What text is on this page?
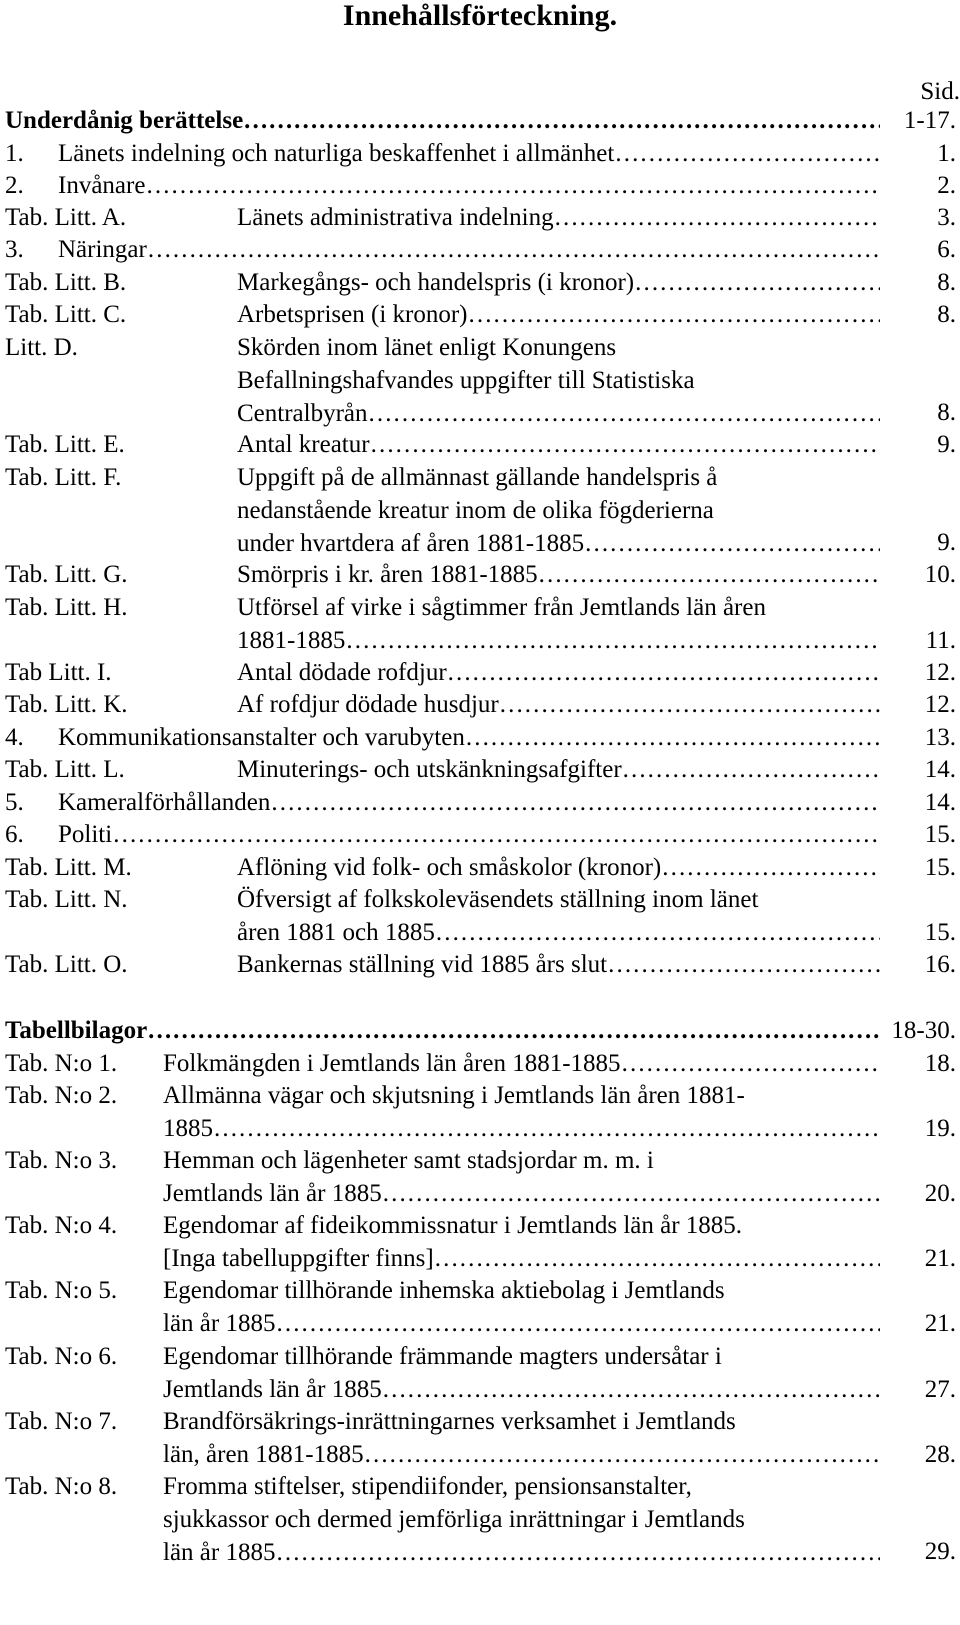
Innehållsförteckning.
Sid.
Underdånig berättelse …………………………………………………………………………………………………………………………………	1-17.
1. Länets indelning och naturliga beskaffenhet i allmänhet …………………………………………………………………………………………………………………………………	1.
2. Invånare …………………………………………………………………………………………………………………………………	2.
Tab. Litt. A.	Länets administrativa indelning …………………………………………………………………………………………………………………………………	3.
3. Näringar …………………………………………………………………………………………………………………………………	6.
Tab. Litt. B.	Markegångs- och handelspris (i kronor) …………………………………………………………………………………………………………………………………	8.
Tab. Litt. C.	Arbetsprisen (i kronor) …………………………………………………………………………………………………………………………………	8.
Litt. D.	Skörden inom länet enligt Konungens
Befallningshafvandes uppgifter till Statistiska
Centralbyrån …………………………………………………………………………………………………………………………………	8.
Tab. Litt. E.	Antal kreatur …………………………………………………………………………………………………………………………………	9.
Tab. Litt. F.	Uppgift på de allmännast gällande handelspris å
nedanstående kreatur inom de olika fögderierna
under hvartdera af åren 1881-1885 …………………………………………………………………………………………………………………………………	9.
Tab. Litt. G.	Smörpris i kr. åren 1881-1885 …………………………………………………………………………………………………………………………………	10.
Tab. Litt. H.	Utförsel af virke i sågtimmer från Jemtlands län åren
1881-1885 …………………………………………………………………………………………………………………………………	11.
Tab Litt. I.	Antal dödade rofdjur …………………………………………………………………………………………………………………………………	12.
Tab. Litt. K.	Af rofdjur dödade husdjur …………………………………………………………………………………………………………………………………	12.
4. Kommunikationsanstalter och varubyten …………………………………………………………………………………………………………………………………	13.
Tab. Litt. L.	Minuterings- och utskänkningsafgifter …………………………………………………………………………………………………………………………………	14.
5. Kameralförhållanden …………………………………………………………………………………………………………………………………	14.
6. Politi …………………………………………………………………………………………………………………………………	15.
Tab. Litt. M.	Aflöning vid folk- och småskolor (kronor) …………………………………………………………………………………………………………………………………	15.
Tab. Litt. N.	Öfversigt af folkskoleväsendets ställning inom länet
åren 1881 och 1885 …………………………………………………………………………………………………………………………………	15.
Tab. Litt. O.	Bankernas ställning vid 1885 års slut …………………………………………………………………………………………………………………………………	16.
Tabellbilagor …………………………………………………………………………………………………………………………………	18-30.
Tab. N:o 1. Folkmängden i Jemtlands län åren 1881-1885 …………………………………………………………………………………………………………………………………	18.
Tab. N:o 2. Allmänna vägar och skjutsning i Jemtlands län åren 1881-
1885 …………………………………………………………………………………………………………………………………	19.
Tab. N:o 3. Hemman och lägenheter samt stadsjordar m. m. i
Jemtlands län år 1885 …………………………………………………………………………………………………………………………………	20.
Tab. N:o 4. Egendomar af fideikommissnatur i Jemtlands län år 1885.
[Inga tabelluppgifter finns] …………………………………………………………………………………………………………………………………	21.
Tab. N:o 5. Egendomar tillhörande inhemska aktiebolag i Jemtlands
län år 1885 …………………………………………………………………………………………………………………………………	21.
Tab. N:o 6. Egendomar tillhörande främmande magters undersåtar i
Jemtlands län år 1885 …………………………………………………………………………………………………………………………………	27.
Tab. N:o 7. Brandförsäkrings-inrättningarnes verksamhet i Jemtlands
län, åren 1881-1885 …………………………………………………………………………………………………………………………………	28.
Tab. N:o 8. Fromma stiftelser, stipendiifonder, pensionsanstalter,
sjukkassor och dermed jemförliga inrättningar i Jemtlands
län år 1885 …………………………………………………………………………………………………………………………………	29.
